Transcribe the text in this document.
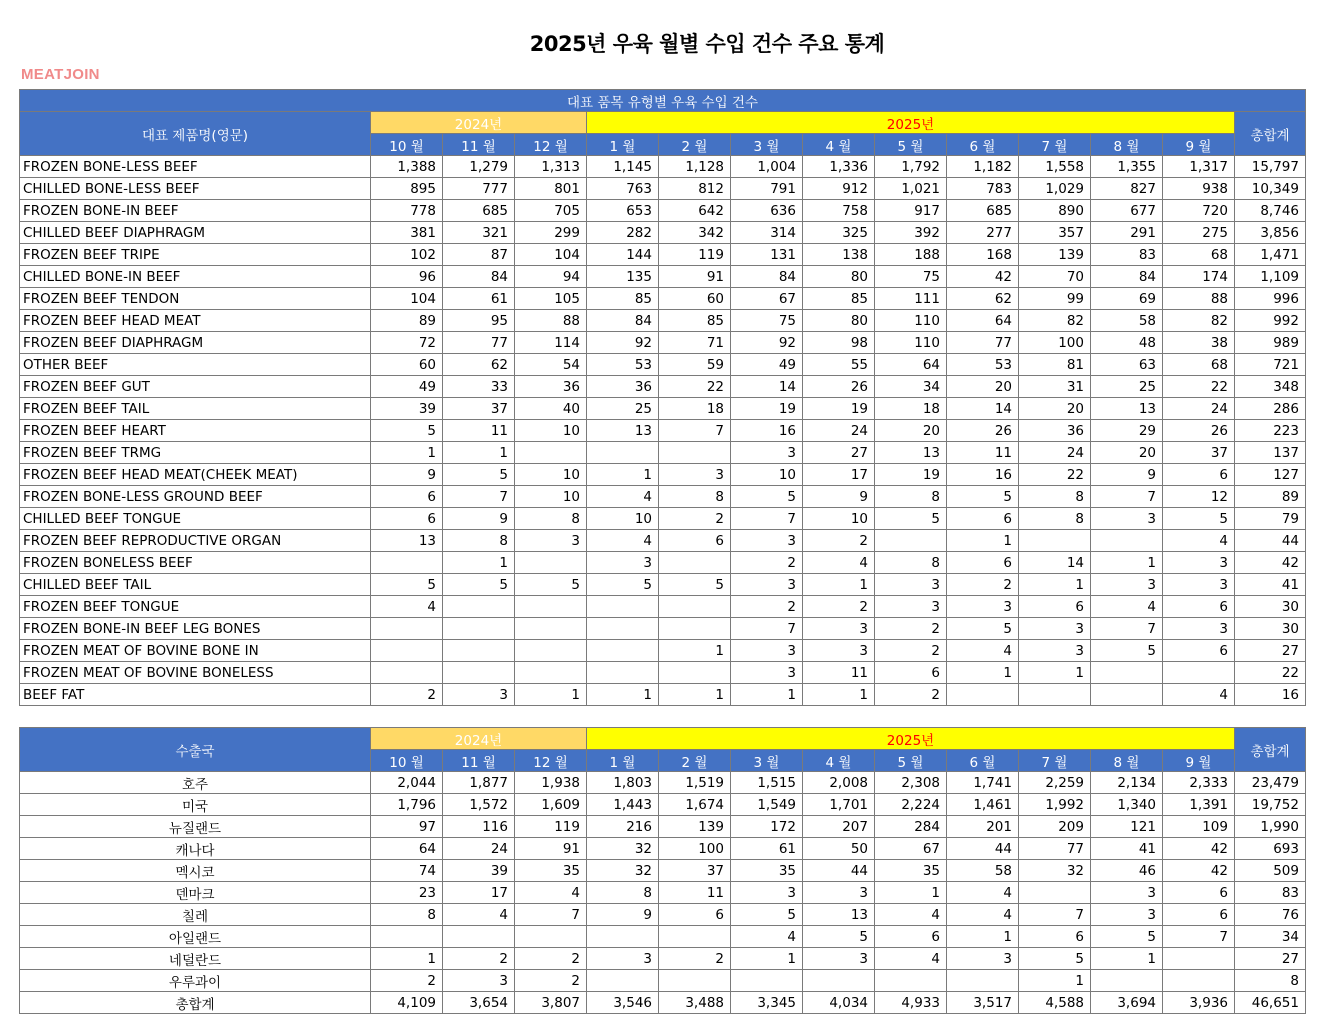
2025년 우육 월별 수입 건수 주요 통계
MEATJOIN
대표 품목 유형별 우육 수입 건수													
대표 제품명(영문)	2024년			2025년									총합계
	10 월	11 월	12 월	1 월	2 월	3 월	4 월	5 월	6 월	7 월	8 월	9 월	
FROZEN BONE-LESS BEEF	1,388	1,279	1,313	1,145	1,128	1,004	1,336	1,792	1,182	1,558	1,355	1,317	15,797
CHILLED BONE-LESS BEEF	895	777	801	763	812	791	912	1,021	783	1,029	827	938	10,349
FROZEN BONE-IN BEEF	778	685	705	653	642	636	758	917	685	890	677	720	8,746
CHILLED BEEF DIAPHRAGM	381	321	299	282	342	314	325	392	277	357	291	275	3,856
FROZEN BEEF TRIPE	102	87	104	144	119	131	138	188	168	139	83	68	1,471
CHILLED BONE-IN BEEF	96	84	94	135	91	84	80	75	42	70	84	174	1,109
FROZEN BEEF TENDON	104	61	105	85	60	67	85	111	62	99	69	88	996
FROZEN BEEF HEAD MEAT	89	95	88	84	85	75	80	110	64	82	58	82	992
FROZEN BEEF DIAPHRAGM	72	77	114	92	71	92	98	110	77	100	48	38	989
OTHER BEEF	60	62	54	53	59	49	55	64	53	81	63	68	721
FROZEN BEEF GUT	49	33	36	36	22	14	26	34	20	31	25	22	348
FROZEN BEEF TAIL	39	37	40	25	18	19	19	18	14	20	13	24	286
FROZEN BEEF HEART	5	11	10	13	7	16	24	20	26	36	29	26	223
FROZEN BEEF TRMG	1	1				3	27	13	11	24	20	37	137
FROZEN BEEF HEAD MEAT(CHEEK MEAT)	9	5	10	1	3	10	17	19	16	22	9	6	127
FROZEN BONE-LESS GROUND BEEF	6	7	10	4	8	5	9	8	5	8	7	12	89
CHILLED BEEF TONGUE	6	9	8	10	2	7	10	5	6	8	3	5	79
FROZEN BEEF REPRODUCTIVE ORGAN	13	8	3	4	6	3	2		1			4	44
FROZEN BONELESS BEEF		1		3		2	4	8	6	14	1	3	42
CHILLED BEEF TAIL	5	5	5	5	5	3	1	3	2	1	3	3	41
FROZEN BEEF TONGUE	4					2	2	3	3	6	4	6	30
FROZEN BONE-IN BEEF LEG BONES						7	3	2	5	3	7	3	30
FROZEN MEAT OF BOVINE BONE IN					1	3	3	2	4	3	5	6	27
FROZEN MEAT OF BOVINE BONELESS						3	11	6	1	1			22
BEEF FAT	2	3	1	1	1	1	1	2				4	16
수출국	2024년			2025년									총합계
	10 월	11 월	12 월	1 월	2 월	3 월	4 월	5 월	6 월	7 월	8 월	9 월	
호주	2,044	1,877	1,938	1,803	1,519	1,515	2,008	2,308	1,741	2,259	2,134	2,333	23,479
미국	1,796	1,572	1,609	1,443	1,674	1,549	1,701	2,224	1,461	1,992	1,340	1,391	19,752
뉴질랜드	97	116	119	216	139	172	207	284	201	209	121	109	1,990
캐나다	64	24	91	32	100	61	50	67	44	77	41	42	693
멕시코	74	39	35	32	37	35	44	35	58	32	46	42	509
덴마크	23	17	4	8	11	3	3	1	4		3	6	83
칠레	8	4	7	9	6	5	13	4	4	7	3	6	76
아일랜드						4	5	6	1	6	5	7	34
네덜란드	1	2	2	3	2	1	3	4	3	5	1		27
우루과이	2	3	2							1			8
총합계	4,109	3,654	3,807	3,546	3,488	3,345	4,034	4,933	3,517	4,588	3,694	3,936	46,651
